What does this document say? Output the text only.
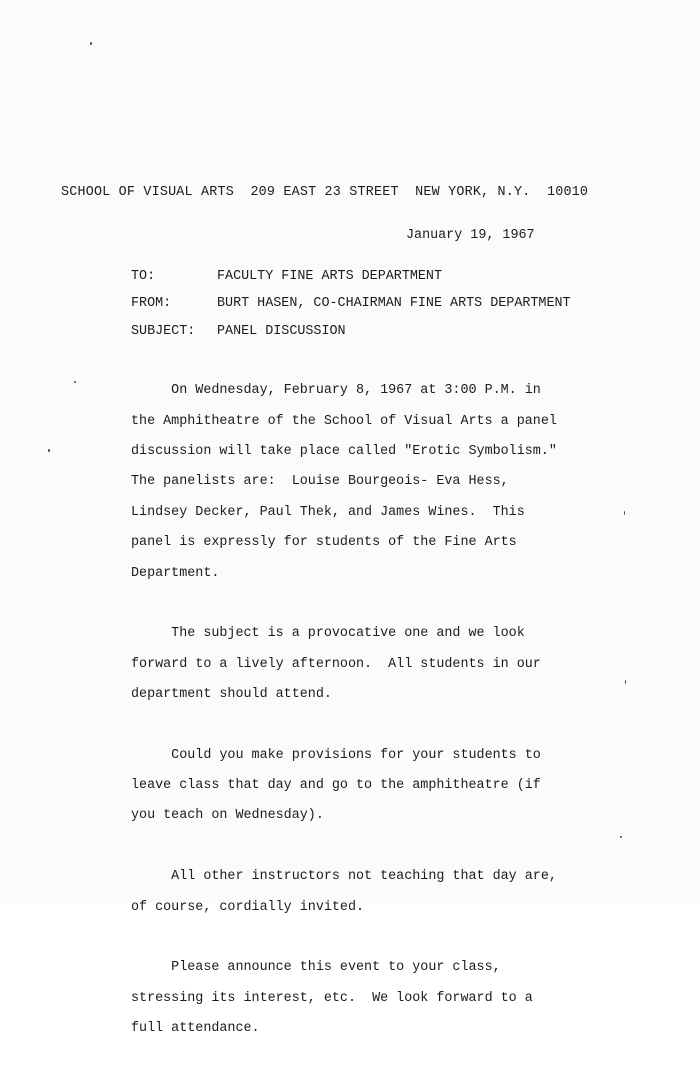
SCHOOL OF VISUAL ARTS 209 EAST 23 STREET NEW YORK, N.Y. 10010
January 19, 1967
TO:	FACULTY FINE ARTS DEPARTMENT
FROM:	BURT HASEN, CO-CHAIRMAN FINE ARTS DEPARTMENT
SUBJECT: PANEL DISCUSSION

On Wednesday, February 8, 1967 at 3:00 P.M. in

the Amphitheatre of the School of Visual Arts a panel

discussion will take place called "Erotic Symbolism."

The panelists are:  Louise Bourgeois- Eva Hess,

Lindsey Decker, Paul Thek, and James Wines.  This

panel is expressly for students of the Fine Arts

Department.

The subject is a provocative one and we look

forward to a lively afternoon.  All students in our

department should attend.

Could you make provisions for your students to

leave class that day and go to the amphitheatre (if

you teach on Wednesday).

All other instructors not teaching that day are,

of course, cordially invited.

Please announce this event to your class,

stressing its interest, etc.  We look forward to a

full attendance.
